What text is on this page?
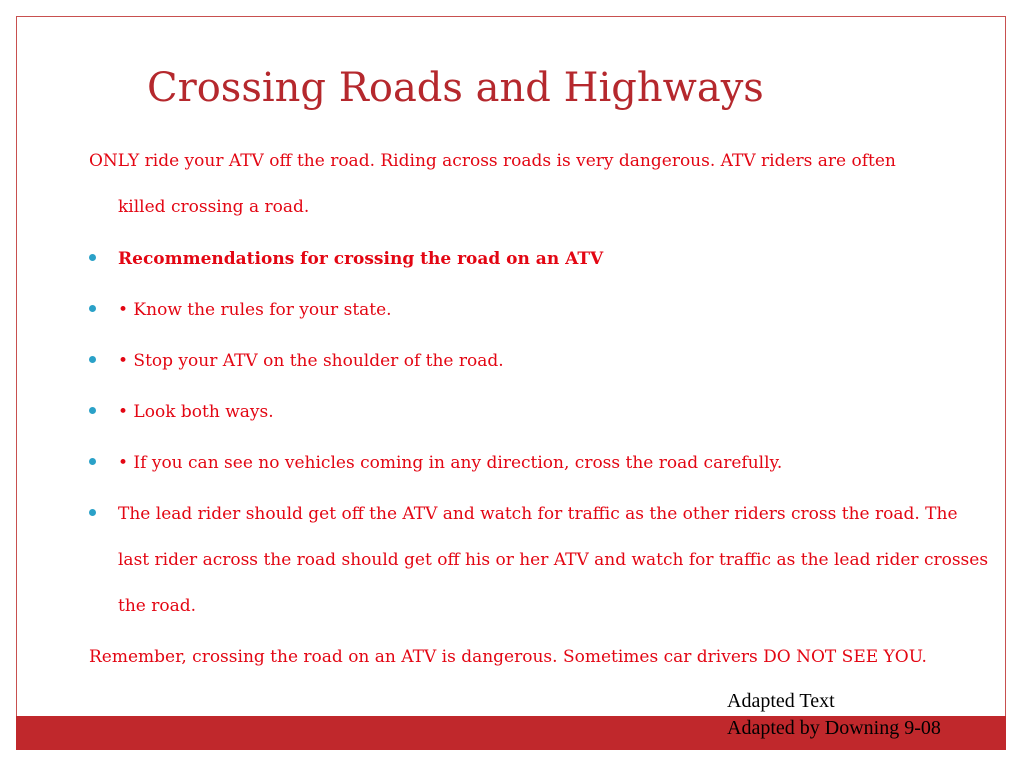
Crossing Roads and Highways
ONLY ride your ATV off the road. Riding across roads is very dangerous. ATV riders are often
killed crossing a road.
Recommendations for crossing the road on an ATV
• Know the rules for your state.
• Stop your ATV on the shoulder of the road.
• Look both ways.
• If you can see no vehicles coming in any direction, cross the road carefully.
The lead rider should get off the ATV and watch for traffic as the other riders cross the road. The last rider across the road should get off his or her ATV and watch for traffic as the lead rider crosses the road.
Remember, crossing the road on an ATV is dangerous. Sometimes car drivers DO NOT SEE YOU.
Adapted Text
Adapted by Downing 9-08
